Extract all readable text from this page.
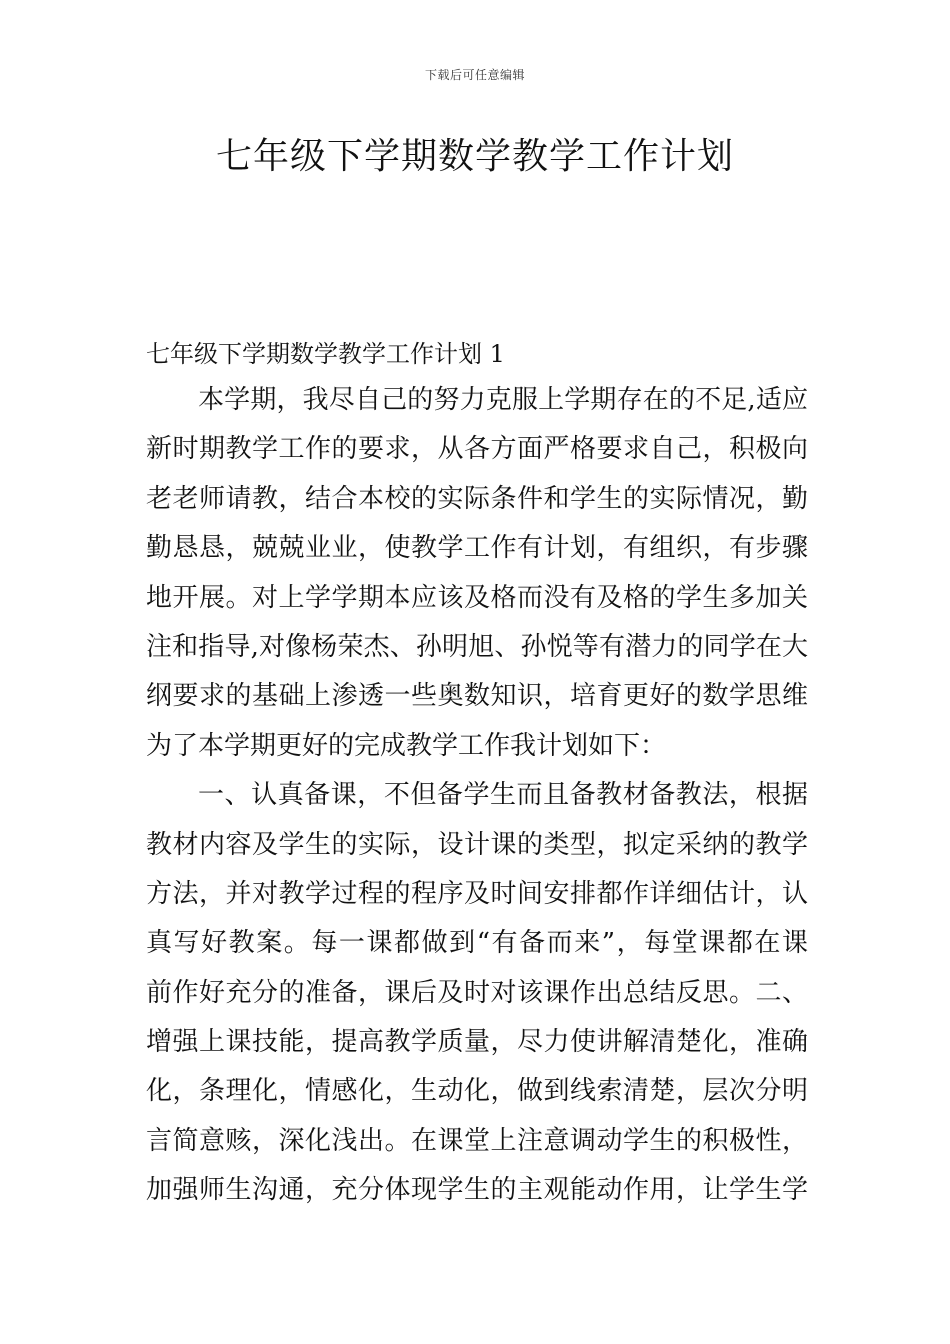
下载后可任意编辑
七年级下学期数学教学工作计划
七年级下学期数学教学工作计划 1
本学期，我尽自己的努力克服上学期存在的不足,适应
新时期教学工作的要求，从各方面严格要求自己，积极向
老老师请教，结合本校的实际条件和学生的实际情况，勤
勤恳恳，兢兢业业，使教学工作有计划，有组织，有步骤
地开展。对上学学期本应该及格而没有及格的学生多加关
注和指导,对像杨荣杰、孙明旭、孙悦等有潜力的同学在大
纲要求的基础上渗透一些奥数知识，培育更好的数学思维
为了本学期更好的完成教学工作我计划如下：
一、认真备课，不但备学生而且备教材备教法，根据
教材内容及学生的实际，设计课的类型，拟定采纳的教学
方法，并对教学过程的程序及时间安排都作详细估计，认
真写好教案。每一课都做到“有备而来”，每堂课都在课
前作好充分的准备，课后及时对该课作出总结反思。二、
增强上课技能，提高教学质量，尽力使讲解清楚化，准确
化，条理化，情感化，生动化，做到线索清楚，层次分明
言简意赅，深化浅出。在课堂上注意调动学生的积极性，
加强师生沟通，充分体现学生的主观能动作用，让学生学
